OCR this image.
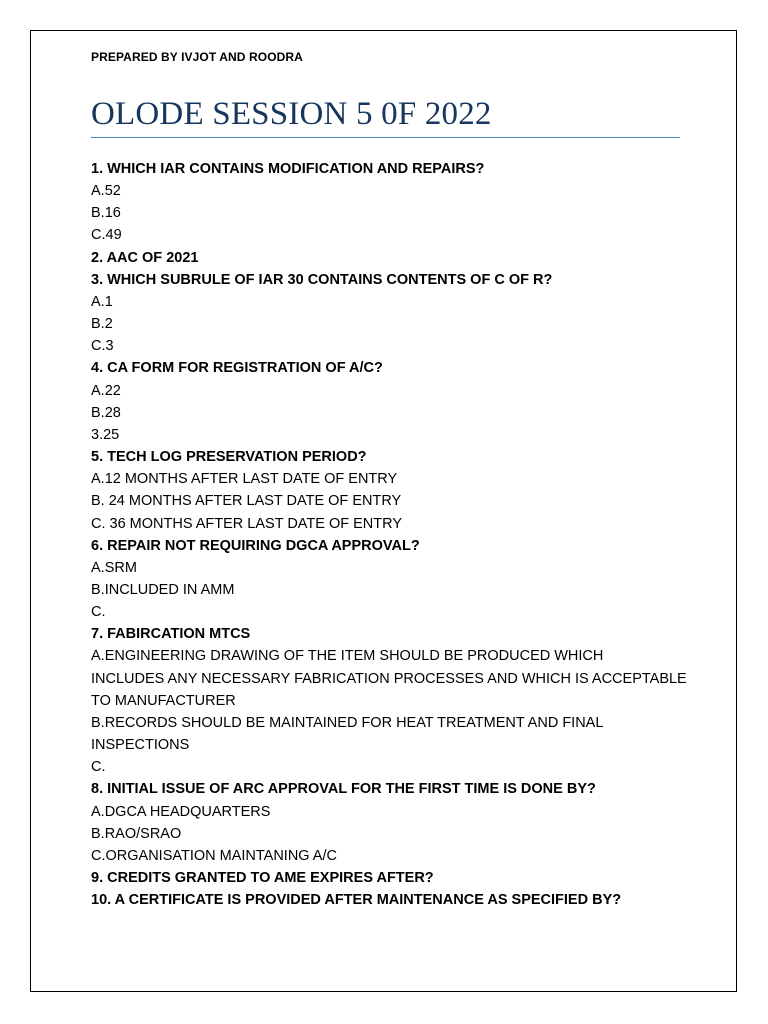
PREPARED BY IVJOT AND ROODRA
OLODE SESSION 5 0F 2022
1. WHICH IAR CONTAINS MODIFICATION AND REPAIRS?
A.52
B.16
C.49
2. AAC OF 2021
3. WHICH SUBRULE OF IAR 30 CONTAINS CONTENTS OF C OF R?
A.1
B.2
C.3
4. CA FORM FOR REGISTRATION OF A/C?
A.22
B.28
3.25
5. TECH LOG PRESERVATION PERIOD?
A.12 MONTHS AFTER LAST DATE OF ENTRY
B. 24 MONTHS AFTER LAST DATE OF ENTRY
C. 36 MONTHS AFTER LAST DATE OF ENTRY
6. REPAIR NOT REQUIRING DGCA APPROVAL?
A.SRM
B.INCLUDED IN AMM
C.
7. FABIRCATION MTCS
A.ENGINEERING DRAWING OF THE ITEM SHOULD BE PRODUCED WHICH
INCLUDES ANY NECESSARY FABRICATION PROCESSES AND WHICH IS ACCEPTABLE
TO MANUFACTURER
B.RECORDS SHOULD BE MAINTAINED FOR HEAT TREATMENT AND FINAL
INSPECTIONS
C.
8. INITIAL ISSUE OF ARC APPROVAL FOR THE FIRST TIME IS DONE BY?
A.DGCA HEADQUARTERS
B.RAO/SRAO
C.ORGANISATION MAINTANING A/C
9. CREDITS GRANTED TO AME EXPIRES AFTER?
10. A CERTIFICATE IS PROVIDED AFTER MAINTENANCE AS SPECIFIED BY?
